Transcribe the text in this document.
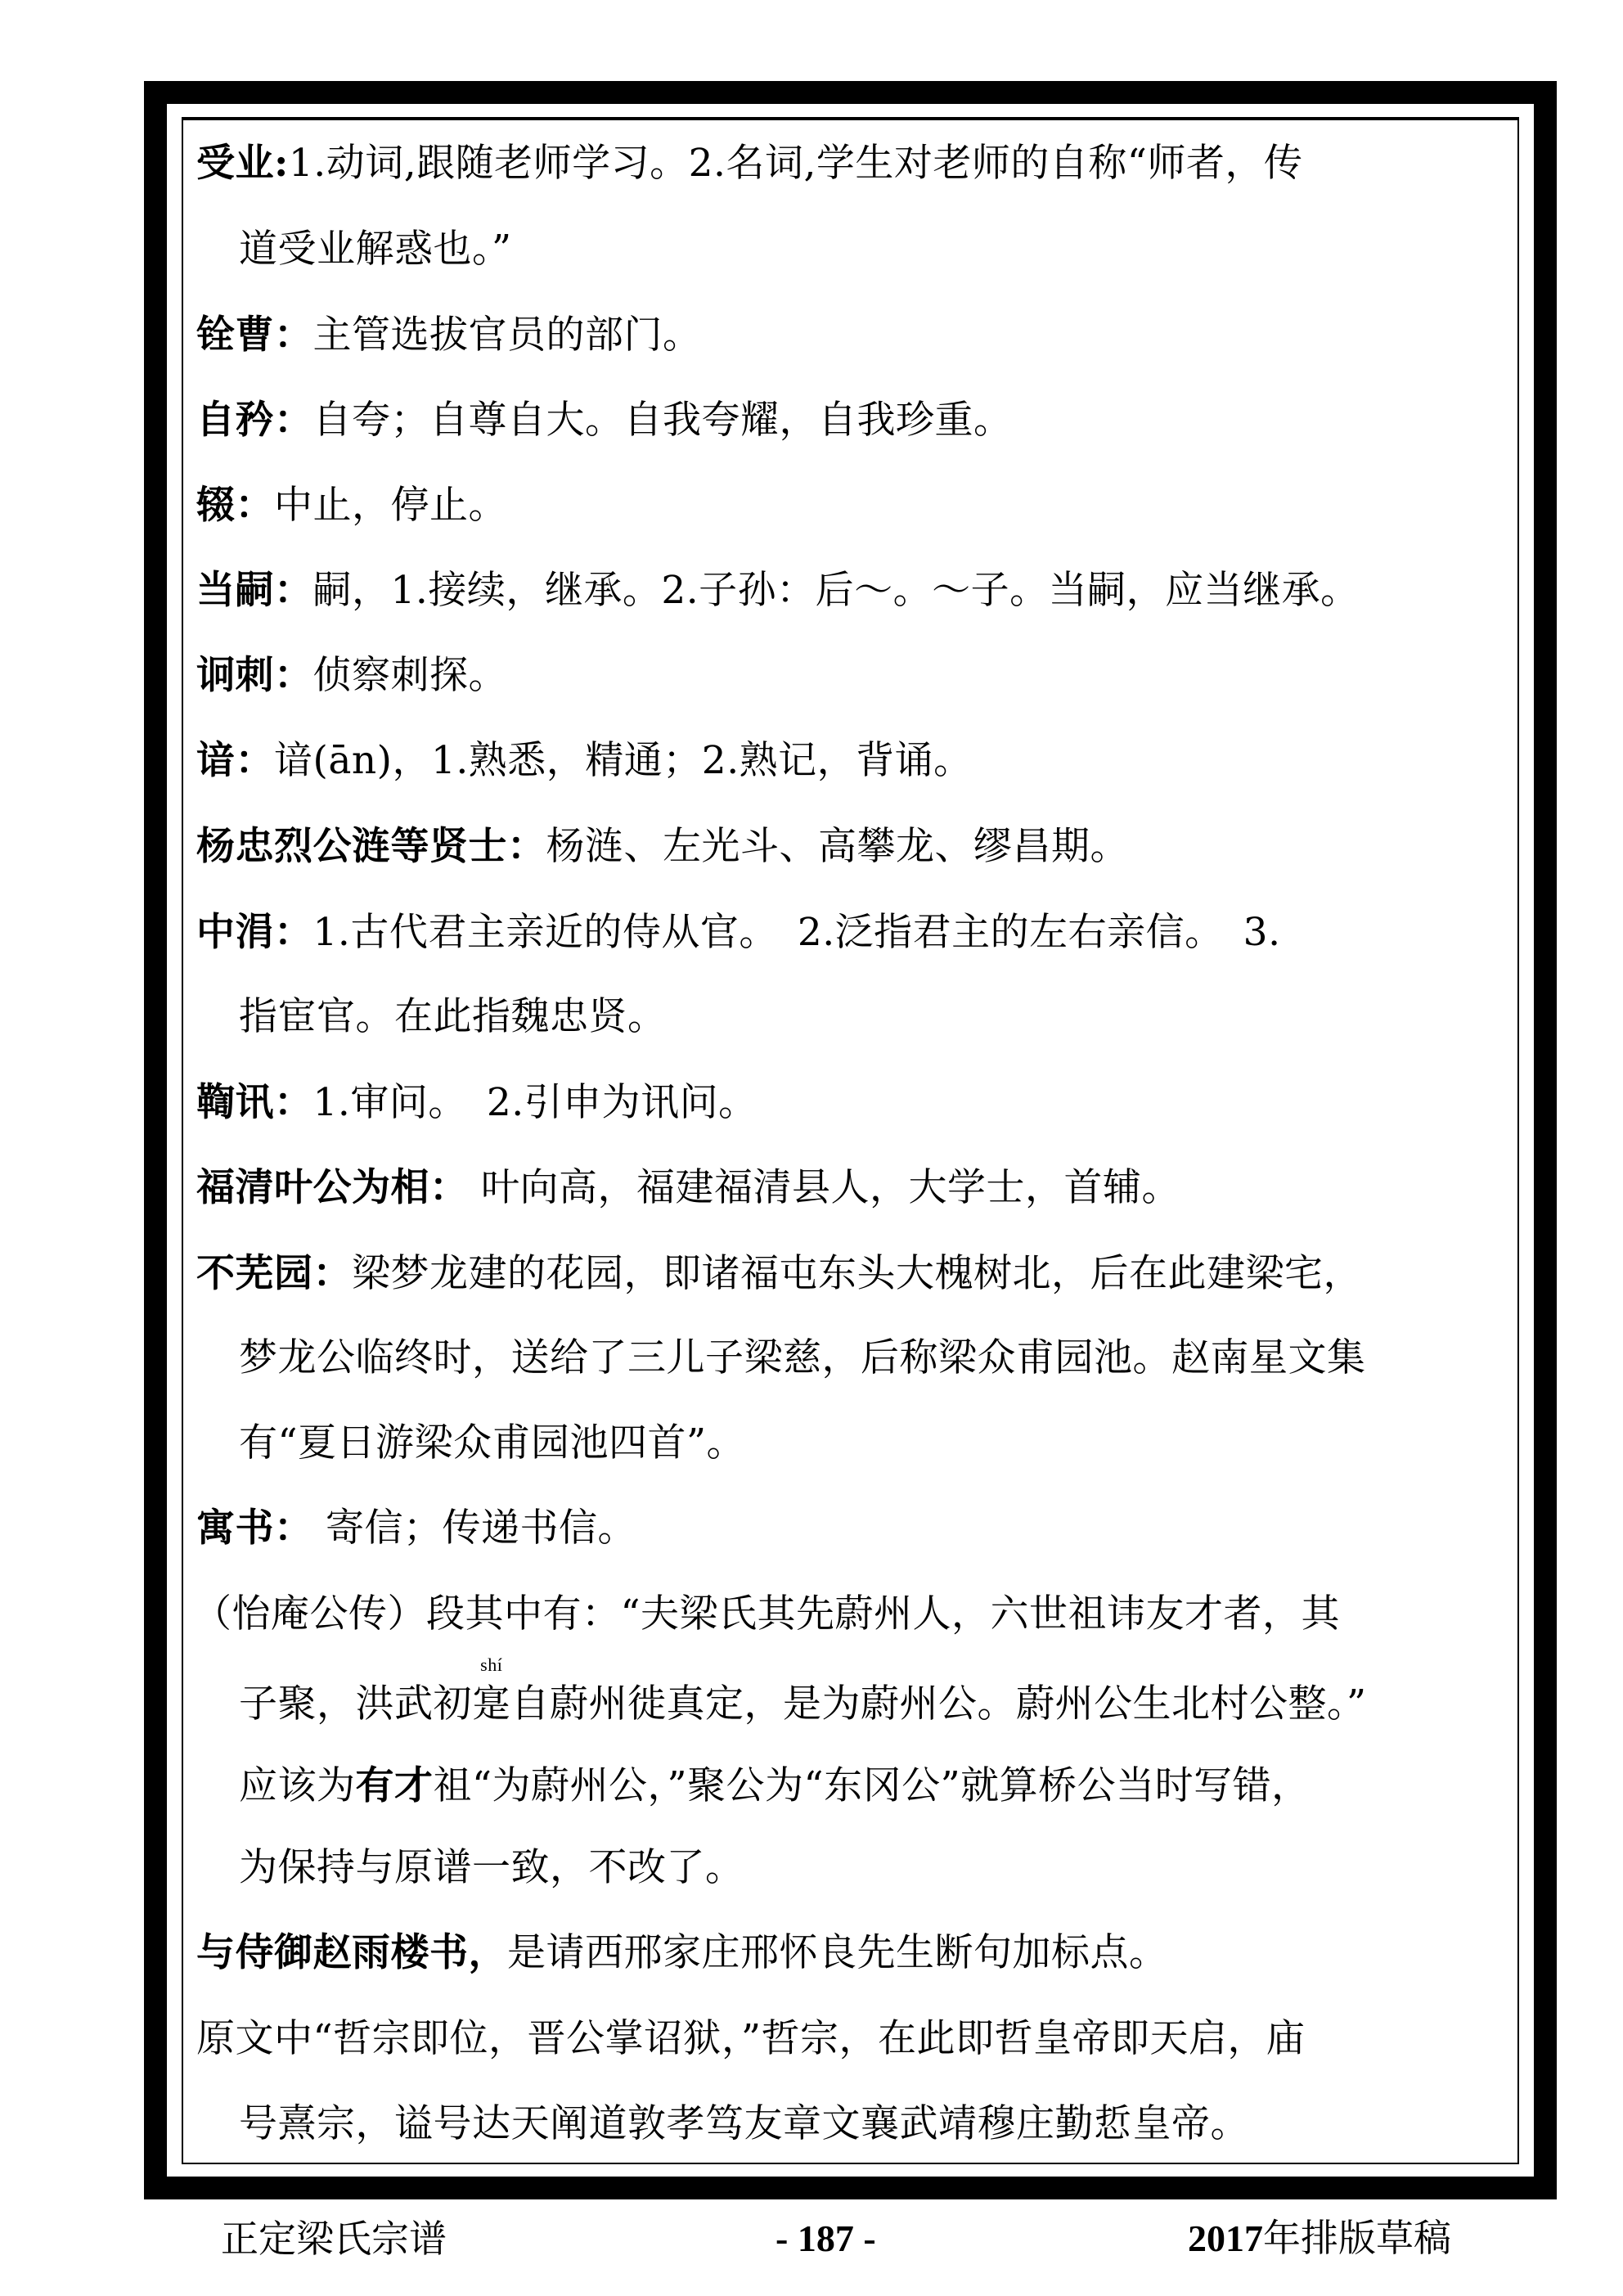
受业:1.动词,跟随老师学习。2.名词,学生对老师的自称“师者，传
道受业解惑也。”
铨曹：主管选拔官员的部门。
自矜：自夸；自尊自大。自我夸耀，自我珍重。
辍：中止，停止。
当嗣：嗣，1.接续，继承。2.子孙：后～。～子。当嗣，应当继承。
诇刺：侦察刺探。
谙：谙(ān)，1.熟悉，精通；2.熟记，背诵。
杨忠烈公涟等贤士：杨涟、左光斗、高攀龙、缪昌期。
中涓：1.古代君主亲近的侍从官。　2.泛指君主的左右亲信。　3.
指宦官。在此指魏忠贤。
鞫讯：1.审问。　2.引申为讯问。
福清叶公为相： 叶向高，福建福清县人，大学士，首辅。
不芜园：梁梦龙建的花园，即诸福屯东头大槐树北，后在此建梁宅，
梦龙公临终时，送给了三儿子梁慈，后称梁众甫园池。赵南星文集
有“夏日游梁众甫园池四首”。
寓书： 寄信；传递书信。
（怡庵公传）段其中有：“夫梁氏其先蔚州人，六世祖讳友才者，其
子聚，洪武初
shí
寔自蔚州徙真定，是为蔚州公。蔚州公生北村公整。”
应该为有才祖“为蔚州公，”聚公为“东冈公”就算桥公当时写错，
为保持与原谱一致，不改了。
与侍御赵雨楼书，是请西邢家庄邢怀良先生断句加标点。
原文中“哲宗即位，晋公掌诏狱，”哲宗，在此即哲皇帝即天启，庙
号熹宗，谥号达天阐道敦孝笃友章文襄武靖穆庄勤悊皇帝。
正定梁氏宗谱	- 187 -	2017年排版草稿
